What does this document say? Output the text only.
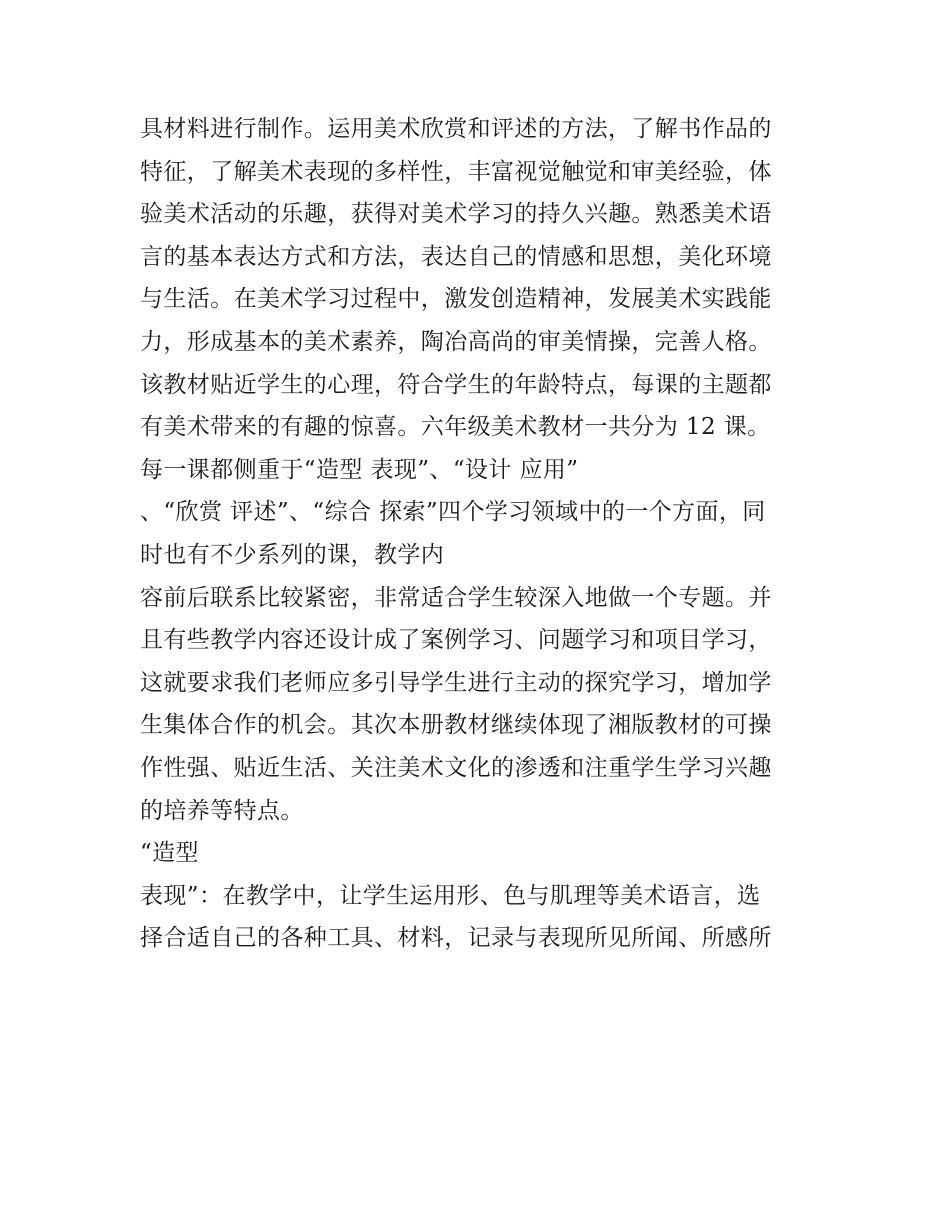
具材料进行制作。运用美术欣赏和评述的方法，了解书作品的
特征，了解美术表现的多样性，丰富视觉触觉和审美经验，体
验美术活动的乐趣，获得对美术学习的持久兴趣。熟悉美术语
言的基本表达方式和方法，表达自己的情感和思想，美化环境
与生活。在美术学习过程中，激发创造精神，发展美术实践能
力，形成基本的美术素养，陶冶高尚的审美情操，完善人格。
该教材贴近学生的心理，符合学生的年龄特点，每课的主题都
有美术带来的有趣的惊喜。六年级美术教材一共分为 12 课。
每一课都侧重于“造型 表现”、“设计 应用”
、“欣赏 评述”、“综合 探索”四个学习领域中的一个方面，同
时也有不少系列的课，教学内
容前后联系比较紧密，非常适合学生较深入地做一个专题。并
且有些教学内容还设计成了案例学习、问题学习和项目学习，
这就要求我们老师应多引导学生进行主动的探究学习，增加学
生集体合作的机会。其次本册教材继续体现了湘版教材的可操
作性强、贴近生活、关注美术文化的渗透和注重学生学习兴趣
的培养等特点。
“造型
表现”：在教学中，让学生运用形、色与肌理等美术语言，选
择合适自己的各种工具、材料，记录与表现所见所闻、所感所
